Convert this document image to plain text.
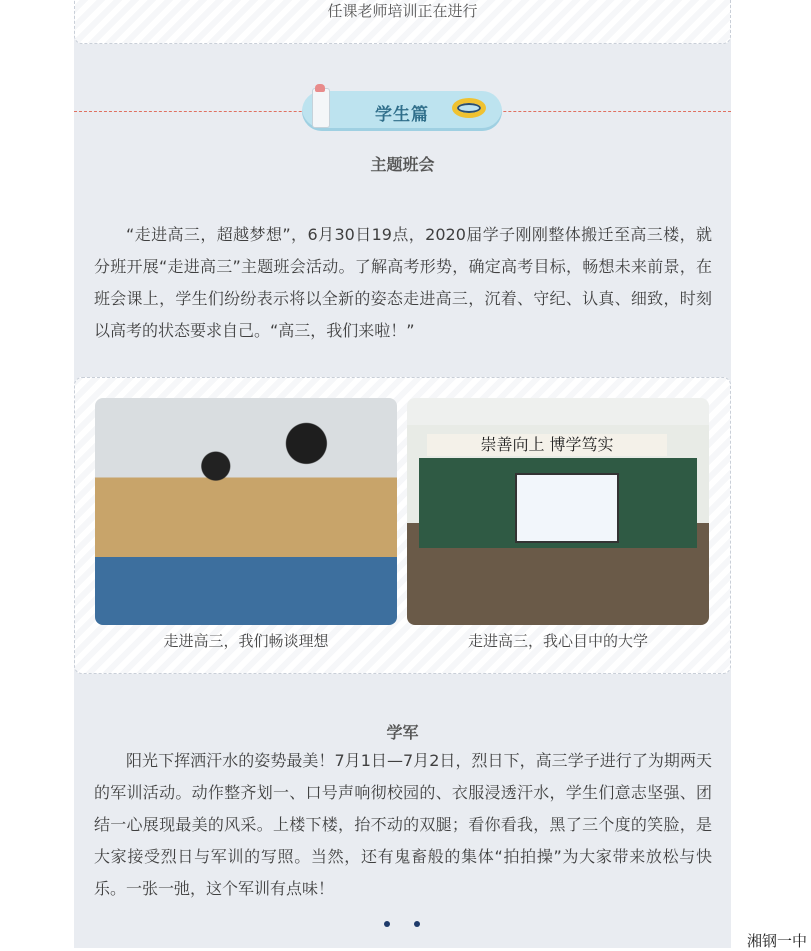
任课老师培训正在进行
学生篇
主题班会

“走进高三，超越梦想”，6月30日19点，2020届学子刚刚整体搬迁至高三楼，就分班开展“走进高三”主题班会活动。了解高考形势，确定高考目标，畅想未来前景，在班会课上，学生们纷纷表示将以全新的姿态走进高三，沉着、守纪、认真、细致，时刻以高考的状态要求自己。“高三，我们来啦！”

崇善向上 博学笃实
走进高三，我们畅谈理想	走进高三，我心目中的大学
学军

阳光下挥洒汗水的姿势最美！7月1日—7月2日，烈日下，高三学子进行了为期两天的军训活动。动作整齐划一、口号声响彻校园的、衣服浸透汗水，学生们意志坚强、团结一心展现最美的风采。上楼下楼，抬不动的双腿；看你看我，黑了三个度的笑脸，是大家接受烈日与军训的写照。当然，还有鬼畜般的集体“拍拍操”为大家带来放松与快乐。一张一弛，这个军训有点味！

湘钢一中
